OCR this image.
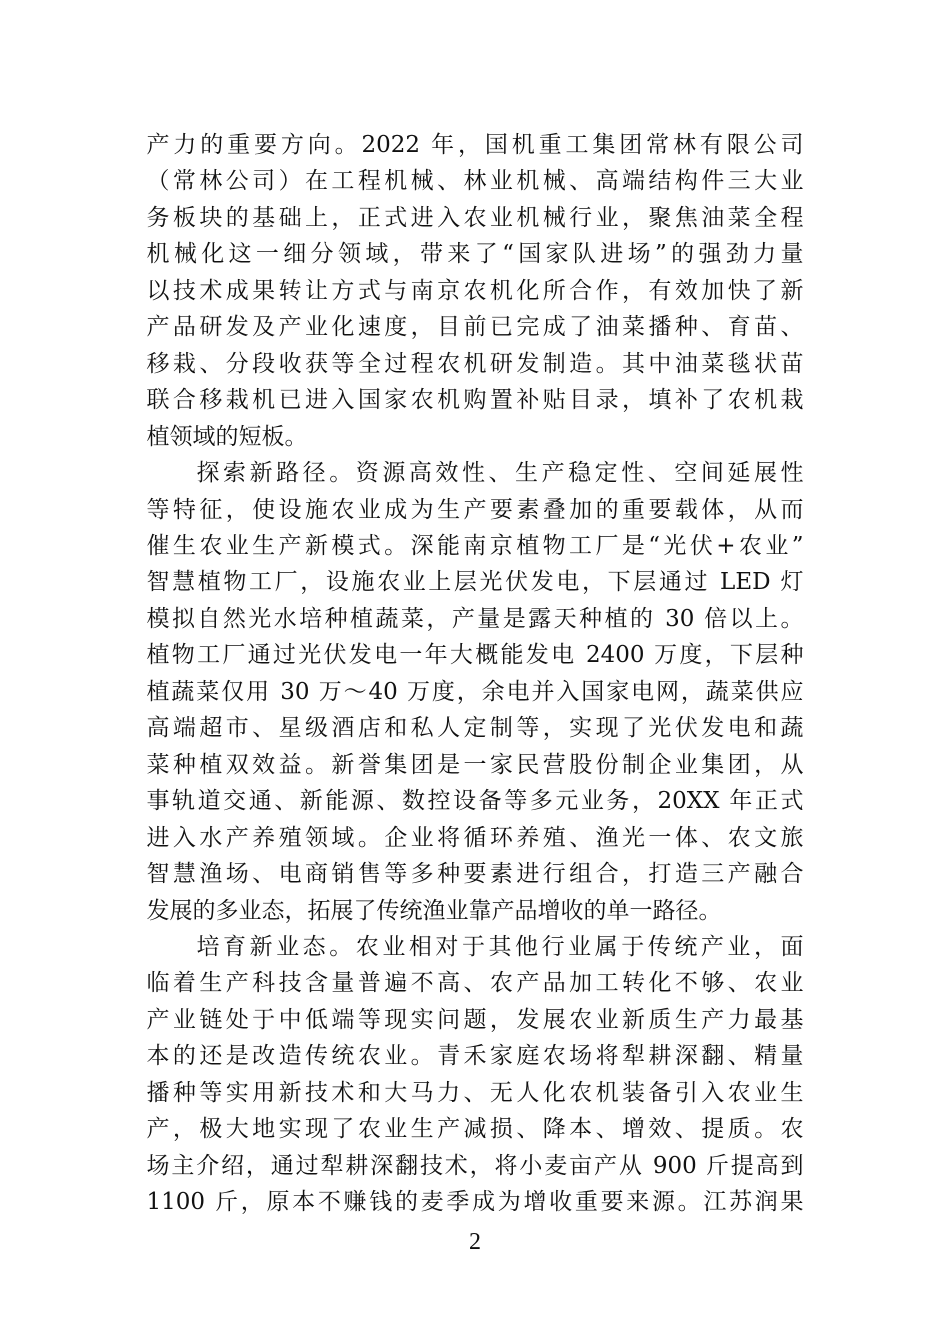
产力的重要方向。2022 年，国机重工集团常林有限公司
（常林公司）在工程机械、林业机械、高端结构件三大业
务板块的基础上，正式进入农业机械行业，聚焦油菜全程
机械化这一细分领域，带来了“国家队进场”的强劲力量
以技术成果转让方式与南京农机化所合作，有效加快了新
产品研发及产业化速度，目前已完成了油菜播种、育苗、
移栽、分段收获等全过程农机研发制造。其中油菜毯状苗
联合移栽机已进入国家农机购置补贴目录，填补了农机栽
植领域的短板。
探索新路径。资源高效性、生产稳定性、空间延展性
等特征，使设施农业成为生产要素叠加的重要载体，从而
催生农业生产新模式。深能南京植物工厂是“光伏+农业”
智慧植物工厂，设施农业上层光伏发电，下层通过 LED 灯
模拟自然光水培种植蔬菜，产量是露天种植的 30 倍以上。
植物工厂通过光伏发电一年大概能发电 2400 万度，下层种
植蔬菜仅用 30 万～40 万度，余电并入国家电网，蔬菜供应
高端超市、星级酒店和私人定制等，实现了光伏发电和蔬
菜种植双效益。新誉集团是一家民营股份制企业集团，从
事轨道交通、新能源、数控设备等多元业务，20XX 年正式
进入水产养殖领域。企业将循环养殖、渔光一体、农文旅
智慧渔场、电商销售等多种要素进行组合，打造三产融合
发展的多业态，拓展了传统渔业靠产品增收的单一路径。
培育新业态。农业相对于其他行业属于传统产业，面
临着生产科技含量普遍不高、农产品加工转化不够、农业
产业链处于中低端等现实问题，发展农业新质生产力最基
本的还是改造传统农业。青禾家庭农场将犁耕深翻、精量
播种等实用新技术和大马力、无人化农机装备引入农业生
产，极大地实现了农业生产减损、降本、增效、提质。农
场主介绍，通过犁耕深翻技术，将小麦亩产从 900 斤提高到
1100 斤，原本不赚钱的麦季成为增收重要来源。江苏润果
2
